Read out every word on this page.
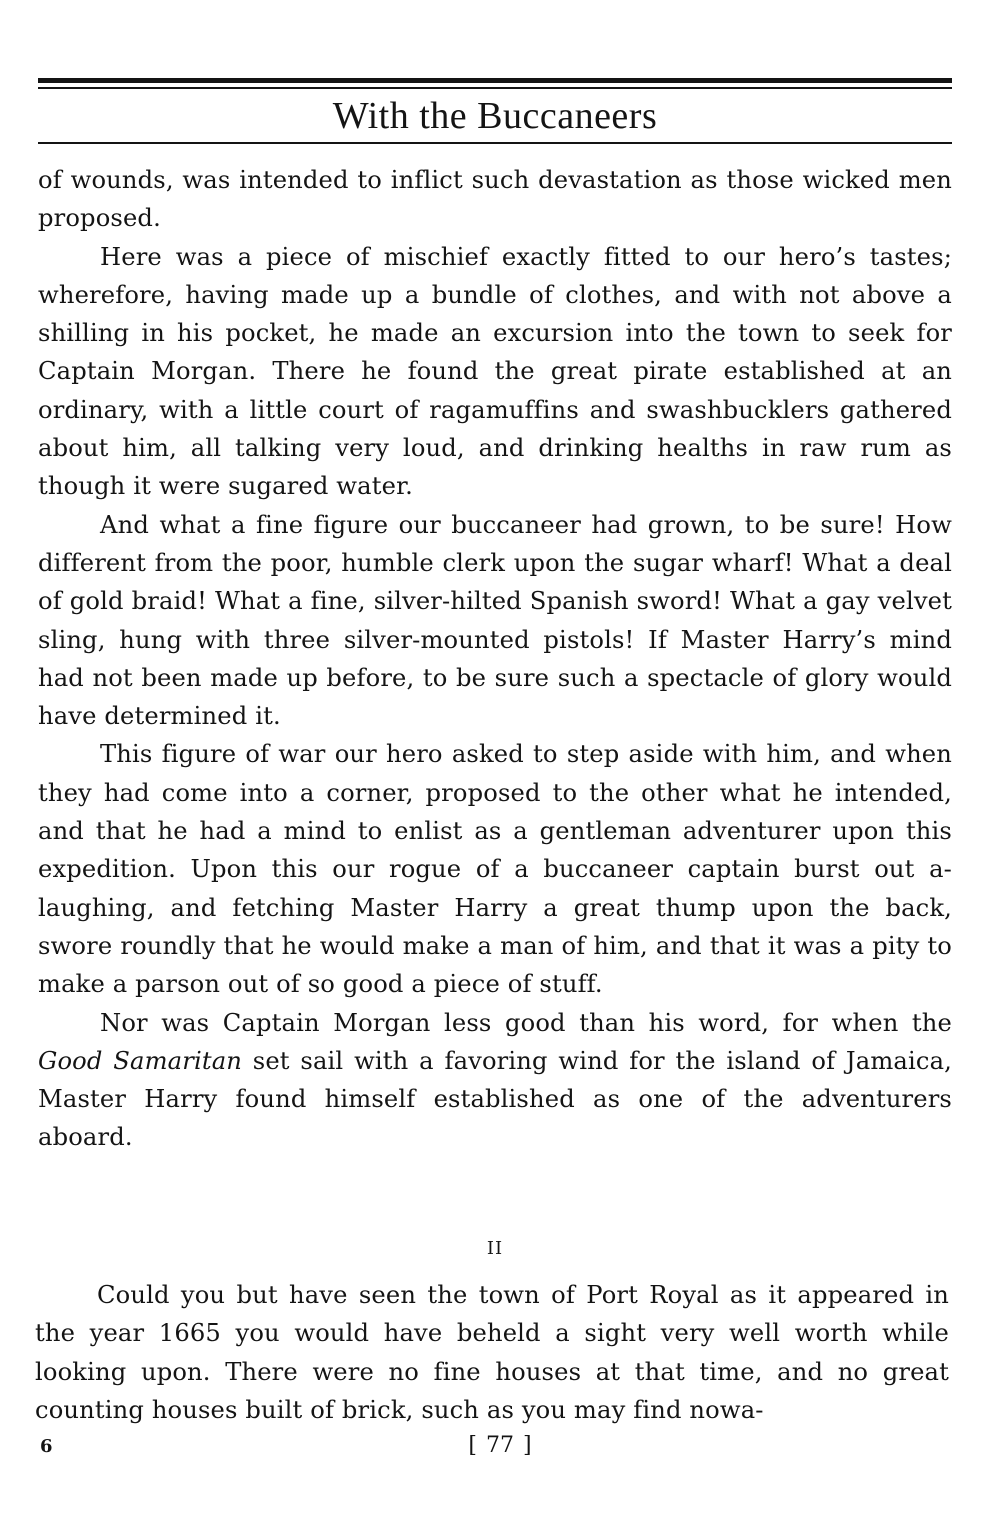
With the Buccaneers

of wounds, was intended to inflict such devastation as those wicked men proposed.

Here was a piece of mischief exactly fitted to our hero’s tastes; wherefore, having made up a bundle of clothes, and with not above a shilling in his pocket, he made an excursion into the town to seek for Captain Morgan. There he found the great pirate established at an ordinary, with a little court of ragamuffins and swashbucklers gathered about him, all talking very loud, and drinking healths in raw rum as though it were sugared water.

And what a fine figure our buccaneer had grown, to be sure! How different from the poor, humble clerk upon the sugar wharf! What a deal of gold braid! What a fine, silver-hilted Spanish sword! What a gay velvet sling, hung with three silver-mounted pistols! If Master Harry’s mind had not been made up before, to be sure such a spectacle of glory would have determined it.

This figure of war our hero asked to step aside with him, and when they had come into a corner, proposed to the other what he intended, and that he had a mind to enlist as a gentleman adventurer upon this expedition. Upon this our rogue of a buccaneer captain burst out a-laughing, and fetching Master Harry a great thump upon the back, swore roundly that he would make a man of him, and that it was a pity to make a parson out of so good a piece of stuff.

Nor was Captain Morgan less good than his word, for when the Good Samaritan set sail with a favoring wind for the island of Jamaica, Master Harry found himself established as one of the adventurers aboard.

II

Could you but have seen the town of Port Royal as it appeared in the year 1665 you would have beheld a sight very well worth while looking upon. There were no fine houses at that time, and no great counting houses built of brick, such as you may find nowa-

6	[ 77 ]
